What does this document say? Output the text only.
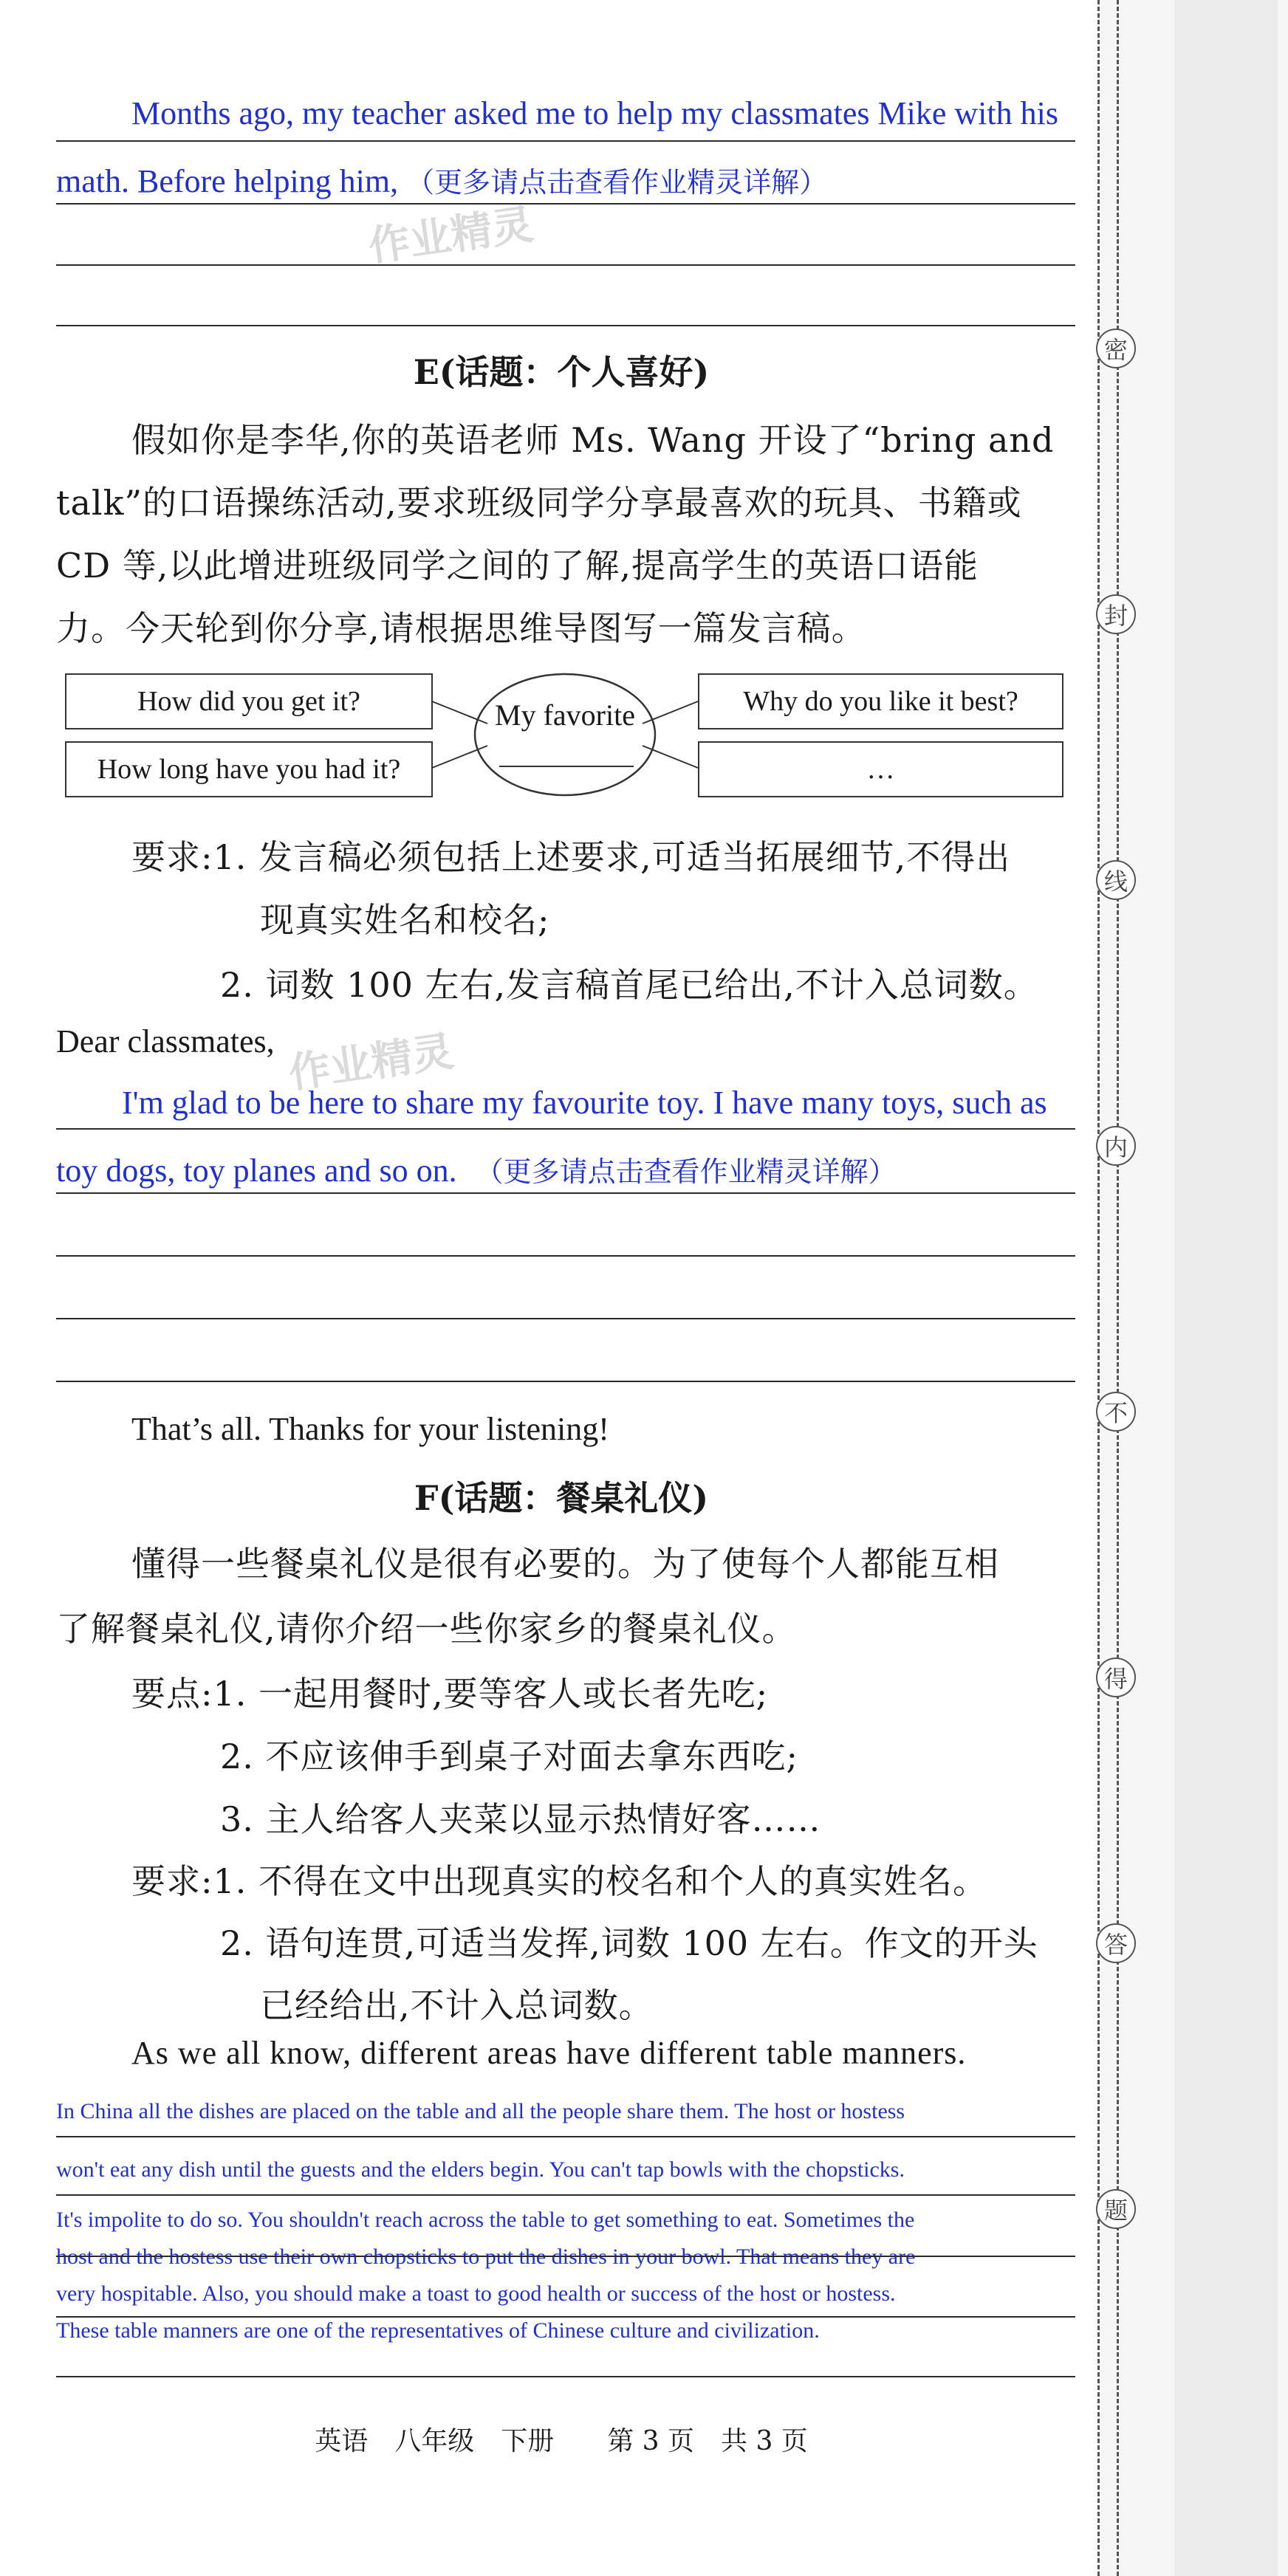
密
封
线
内
不
得
答
题
Months ago, my teacher asked me to help my classmates Mike with his
math. Before helping him, （更多请点击查看作业精灵详解）
作业精灵
E(话题：个人喜好)
假如你是李华,你的英语老师 Ms. Wang 开设了“bring and
talk”的口语操练活动,要求班级同学分享最喜欢的玩具、书籍或
CD 等,以此增进班级同学之间的了解,提高学生的英语口语能
力。今天轮到你分享,请根据思维导图写一篇发言稿。
How did you get it?
How long have you had it?
Why do you like it best?
…
My favorite
要求:1. 发言稿必须包括上述要求,可适当拓展细节,不得出
现真实姓名和校名;
2. 词数 100 左右,发言稿首尾已给出,不计入总词数。
Dear classmates, 作业精灵
I'm glad to be here to share my favourite toy. I have many toys, such as
toy dogs, toy planes and so on. （更多请点击查看作业精灵详解）
That’s all. Thanks for your listening!
F(话题：餐桌礼仪)
懂得一些餐桌礼仪是很有必要的。为了使每个人都能互相
了解餐桌礼仪,请你介绍一些你家乡的餐桌礼仪。
要点:1. 一起用餐时,要等客人或长者先吃;
2. 不应该伸手到桌子对面去拿东西吃;
3. 主人给客人夹菜以显示热情好客……
要求:1. 不得在文中出现真实的校名和个人的真实姓名。
2. 语句连贯,可适当发挥,词数 100 左右。作文的开头
已经给出,不计入总词数。
As we all know, different areas have different table manners.
In China all the dishes are placed on the table and all the people share them. The host or hostess
won't eat any dish until the guests and the elders begin. You can't tap bowls with the chopsticks.
It's impolite to do so. You shouldn't reach across the table to get something to eat. Sometimes the
host and the hostess use their own chopsticks to put the dishes in your bowl. That means they are
very hospitable. Also, you should make a toast to good health or success of the host or hostess.
These table manners are one of the representatives of Chinese culture and civilization.
英语　八年级　下册　　第 3 页　共 3 页
